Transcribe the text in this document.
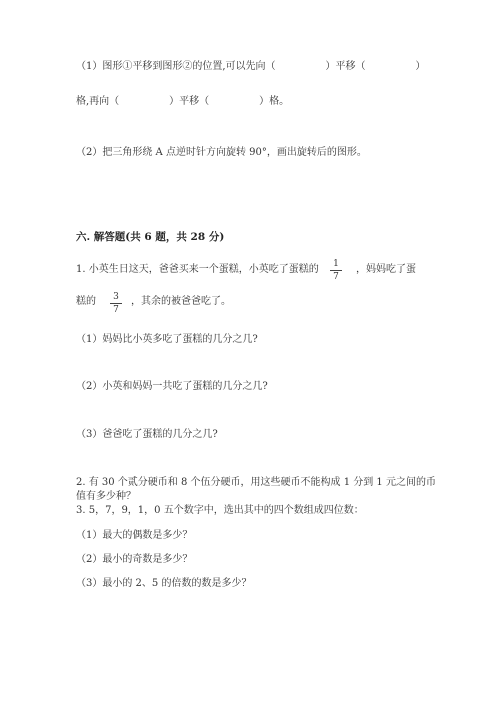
（1）图形①平移到图形②的位置,可以先向（　　　　　）平移（　　　　　）
格,再向（　　　　　）平移（　　　　　）格。
（2）把三角形绕 A 点逆时针方向旋转 90°，画出旋转后的图形。
六. 解答题(共 6 题，共 28 分)
1. 小英生日这天，爸爸买来一个蛋糕，小英吃了蛋糕的	1
7
，妈妈吃了蛋
糕的	3
7
，其余的被爸爸吃了。
（1）妈妈比小英多吃了蛋糕的几分之几?
（2）小英和妈妈一共吃了蛋糕的几分之几?
（3）爸爸吃了蛋糕的几分之几?
2. 有 30 个贰分硬币和 8 个伍分硬币，用这些硬币不能构成 1 分到 1 元之间的币
值有多少种？
3. 5，7，9，1，0 五个数字中，选出其中的四个数组成四位数：
（1）最大的偶数是多少？
（2）最小的奇数是多少？
（3）最小的 2、5 的倍数的数是多少？
